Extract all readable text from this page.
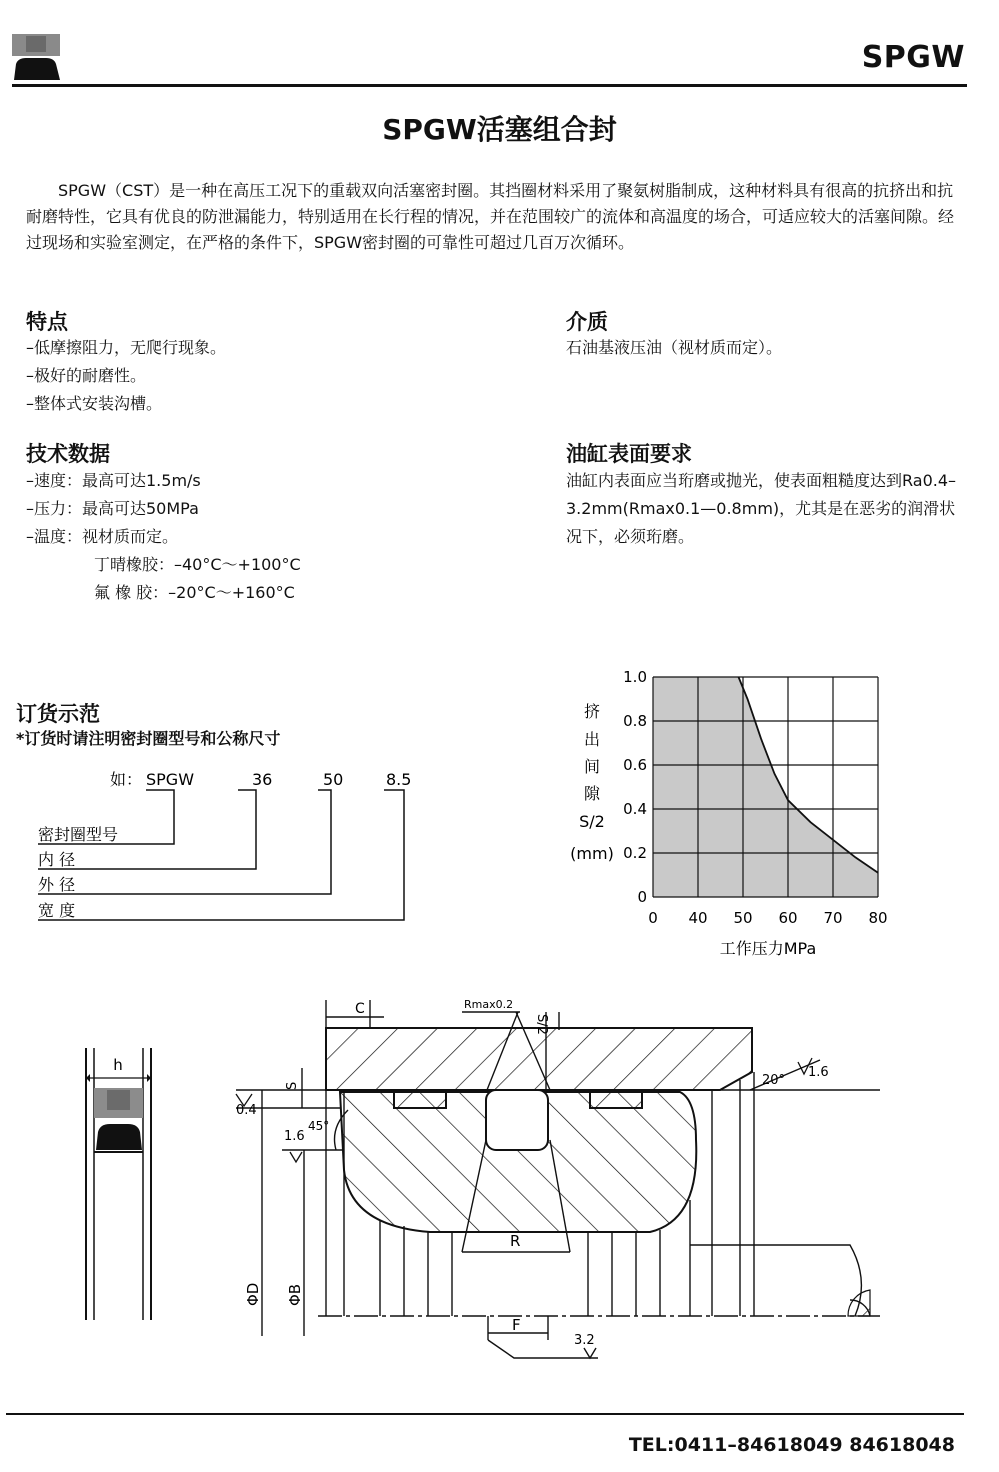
SPGW
SPGW活塞组合封
SPGW（CST）是一种在高压工况下的重载双向活塞密封圈。其挡圈材料采用了聚氨树脂制成，这种材料具有很高的抗挤出和抗耐磨特性，它具有优良的防泄漏能力，特别适用在长行程的情况，并在范围较广的流体和高温度的场合，可适应较大的活塞间隙。经过现场和实验室测定，在严格的条件下，SPGW密封圈的可靠性可超过几百万次循环。
特点
–低摩擦阻力，无爬行现象。
–极好的耐磨性。
–整体式安装沟槽。
介质
石油基液压油（视材质而定）。
技术数据
–速度：最高可达1.5m/s
–压力：最高可达50MPa
–温度：视材质而定。
丁晴橡胶：–40°C～+100°C
氟 橡 胶：–20°C～+160°C
油缸表面要求
油缸内表面应当珩磨或抛光，使表面粗糙度达到Ra0.4–3.2mm(Rmax0.1—0.8mm)，尤其是在恶劣的润滑状况下，必须珩磨。
订货示范
*订货时请注明密封圈型号和公称尺寸
如： SPGW	36	50	8.5
密封圈型号
内 径
外 径
宽 度
挤
出
间
隙
S/2
(mm)
0
0.2
0.4
0.6
0.8
1.0
0 40 50 60 70 80
工作压力MPa
h
C	Rmax0.2
S/2
S
0.4
45°
1.6
20°
1.6
R
ΦD ΦB
F
3.2
TEL:0411–84618049 84618048
